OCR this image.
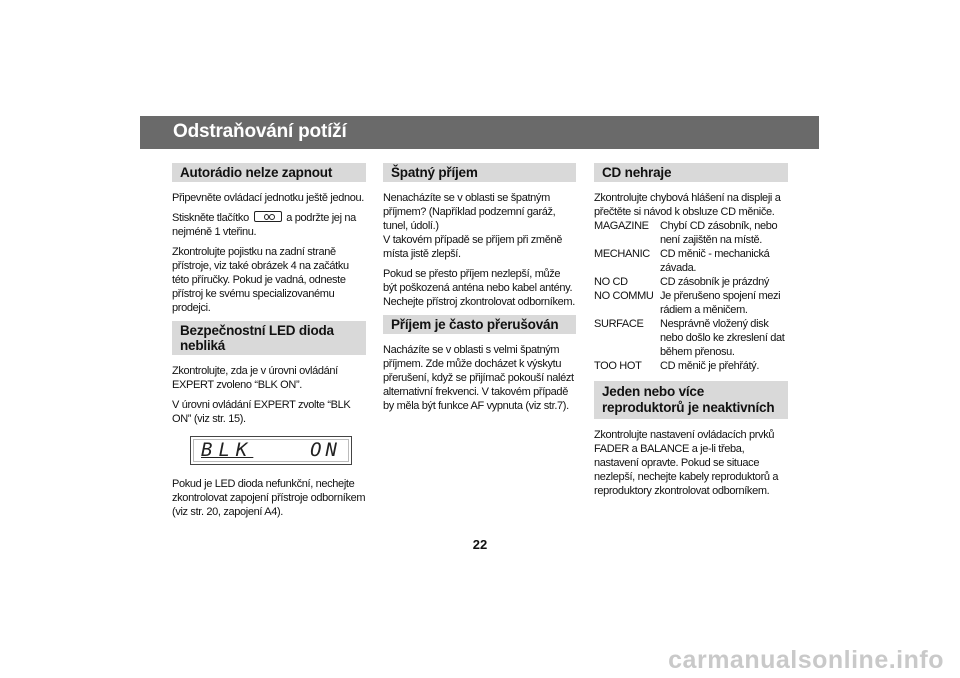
Odstraňování potíží
Autorádio nelze zapnout

Připevněte ovládací jednotku ještě jednou.

Stiskněte tlačítko	a podržte jej na nejméně 1 vteřinu.

Zkontrolujte pojistku na zadní straně přístroje, viz také obrázek 4 na začátku této příručky. Pokud je vadná, odneste přístroj ke svému specializovanému prodejci.

Bezpečnostní LED dioda nebliká

Zkontrolujte, zda je v úrovni ovládání EXPERT zvoleno “BLK ON”.

V úrovni ovládání EXPERT zvolte “BLK ON” (viz str. 15).

BLK	ON

Pokud je LED dioda nefunkční, nechejte zkontrolovat zapojení přístroje odborníkem (viz str. 20, zapojení A4).

Špatný příjem

Nenacházíte se v oblasti se špatným příjmem? (Například podzemní garáž, tunel, údolí.)

V takovém případě se příjem při změně místa jistě zlepší.

Pokud se přesto příjem nezlepší, může být poškozená anténa nebo kabel antény. Nechejte přístroj zkontrolovat odborníkem.

Příjem je často přerušován

Nacházíte se v oblasti s velmi špatným příjmem. Zde může docházet k výskytu přerušení, když se přijímač pokouší nalézt alternativní frekvenci. V takovém případě by měla být funkce AF vypnuta (viz str.7).

CD nehraje

Zkontrolujte chybová hlášení na displeji a přečtěte si návod k obsluze CD měniče.

MAGAZINE	Chybí CD zásobník, nebo není zajištěn na místě.
MECHANIC CD měnič - mechanická závada.
NO CD	CD zásobník je prázdný
NO COMMU Je přerušeno spojení mezi rádiem a měničem.
SURFACE	Nesprávně vložený disk nebo došlo ke zkreslení dat během přenosu.
TOO HOT	CD měnič je přehřátý.
Jeden nebo více reproduktorů je neaktivních

Zkontrolujte nastavení ovládacích prvků FADER a BALANCE a je-li třeba, nastavení opravte. Pokud se situace nezlepší, nechejte kabely reproduktorů a reproduktory zkontrolovat odborníkem.

22
carmanualsonline.info
